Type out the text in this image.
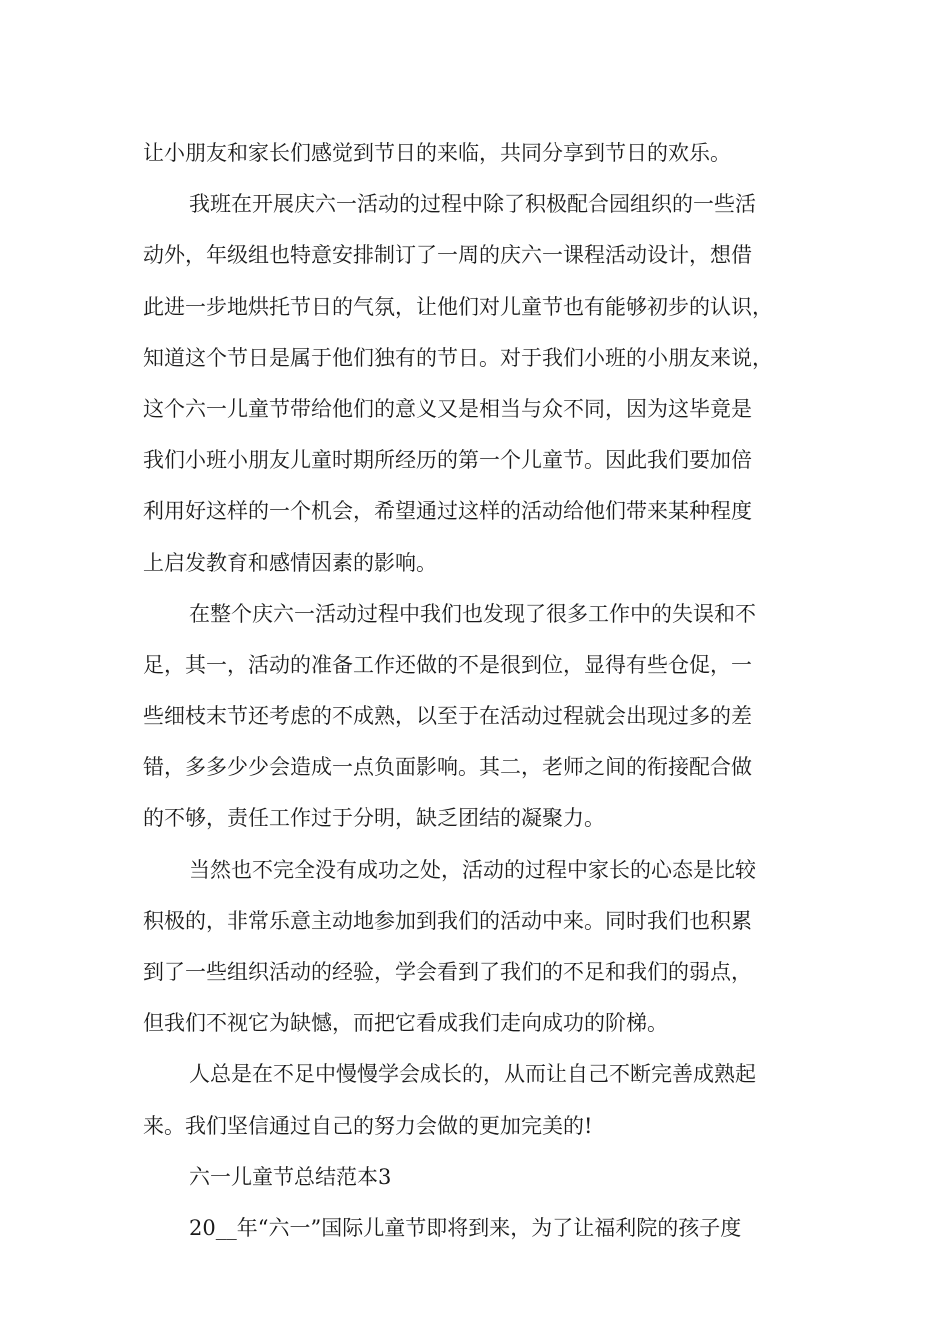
让小朋友和家长们感觉到节日的来临，共同分享到节日的欢乐。
我班在开展庆六一活动的过程中除了积极配合园组织的一些活
动外，年级组也特意安排制订了一周的庆六一课程活动设计，想借
此进一步地烘托节日的气氛，让他们对儿童节也有能够初步的认识，
知道这个节日是属于他们独有的节日。对于我们小班的小朋友来说，
这个六一儿童节带给他们的意义又是相当与众不同，因为这毕竟是
我们小班小朋友儿童时期所经历的第一个儿童节。因此我们要加倍
利用好这样的一个机会，希望通过这样的活动给他们带来某种程度
上启发教育和感情因素的影响。
在整个庆六一活动过程中我们也发现了很多工作中的失误和不
足，其一，活动的准备工作还做的不是很到位，显得有些仓促，一
些细枝末节还考虑的不成熟，以至于在活动过程就会出现过多的差
错，多多少少会造成一点负面影响。其二，老师之间的衔接配合做
的不够，责任工作过于分明，缺乏团结的凝聚力。
当然也不完全没有成功之处，活动的过程中家长的心态是比较
积极的，非常乐意主动地参加到我们的活动中来。同时我们也积累
到了一些组织活动的经验，学会看到了我们的不足和我们的弱点，
但我们不视它为缺憾，而把它看成我们走向成功的阶梯。
人总是在不足中慢慢学会成长的，从而让自己不断完善成熟起
来。我们坚信通过自己的努力会做的更加完美的!
六一儿童节总结范本3
20__年“六一”国际儿童节即将到来，为了让福利院的孩子度
